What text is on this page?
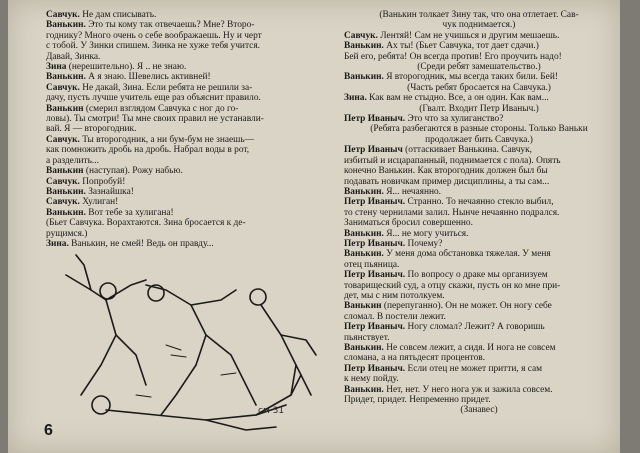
Савчук. Не дам списывать.
Ванькин. Это ты кому так отвечаешь? Мне? Второ-
годнику? Много очень о себе воображаешь. Ну и черт
с тобой. У Зинки спишем. Зинка не хуже тебя учится.
Давай, Зинка.
Зина (нерешительно). Я .. не знаю.
Ванькин. А я знаю. Шевелись активней!
Савчук. Не дакай, Зина. Если ребята не решили за-
дачу, пусть лучше учитель еще раз объяснит правило.
Ванькин (смерил взглядом Савчука с ног до го-
ловы). Ты смотри! Ты мне своих правил не устанавли-
вай. Я — второгодник.
Савчук. Ты второгодник, а ни бум-бум не знаешь—
как помножить дробь на дробь. Набрал воды в рот,
а разделить...
Ванькин (наступая). Рожу набью.
Савчук. Попробуй!
Ванькин. Зазнайшка!
Савчук. Хулиган!
Ванькин. Вот тебе за хулигана!
(Бьет Савчука. Ворахтаются. Зина бросается к де-
рущимся.)
Зина. Ванькин, не смей! Ведь он правду...
(Ванькин толкает Зину так, что она отлетает. Сав-
чук поднимается.)
Савчук. Лентяй! Сам не учишься и другим мешаешь.
Ванькин. Ах ты! (Бьет Савчука, тот дает сдачи.)
Бей его, ребята! Он всегда против! Его проучить надо!
(Среди ребят замешательство.)
Ванькин. Я второгодник, мы всегда таких били. Бей!
(Часть ребят бросается на Савчука.)
Зина. Как вам не стыдно. Все, а он один. Как вам...
(Гвалт. Входит Петр Иваныч.)
Петр Иваныч. Это что за хулиганство?
(Ребята разбегаются в разные стороны. Только Ваньки
продолжает бить Савчука.)
Петр Иваныч (оттаскивает Ванькина. Савчук,
избитый и исцарапанный, поднимается с пола). Опять
конечно Ванькин. Как второгодник должен был бы
подавать новичкам пример дисциплины, а ты сам...
Ванькин. Я... нечаянно.
Петр Иваныч. Странно. То нечаянно стекло выбил,
то стену чернилами залил. Нынче нечаянно подрался.
Заниматься бросил совершенно.
Ванькин. Я... не могу учиться.
Петр Иваныч. Почему?
Ванькин. У меня дома обстановка тяжелая. У меня
отец пьяница.
Петр Иваныч. По вопросу о драке мы организуем
товарищеский суд, а отцу скажи, пусть он ко мне при-
дет, мы с ним потолкуем.
Ванькин (перепуганно). Он не может. Он ногу себе
сломал. В постели лежит.
Петр Иваныч. Ногу сломал? Лежит? А говоришь
пьянствует.
Ванькин. Не совсем лежит, а сидя. И нога не совсем
сломана, а на пятьдесят процентов.
Петр Иваныч. Если отец не может притти, я сам
к нему пойду.
Ванькин. Нет, нет. У него нога уж и зажила совсем.
Придет, придет. Непременно придет.
(Занавес)
см 31
6
